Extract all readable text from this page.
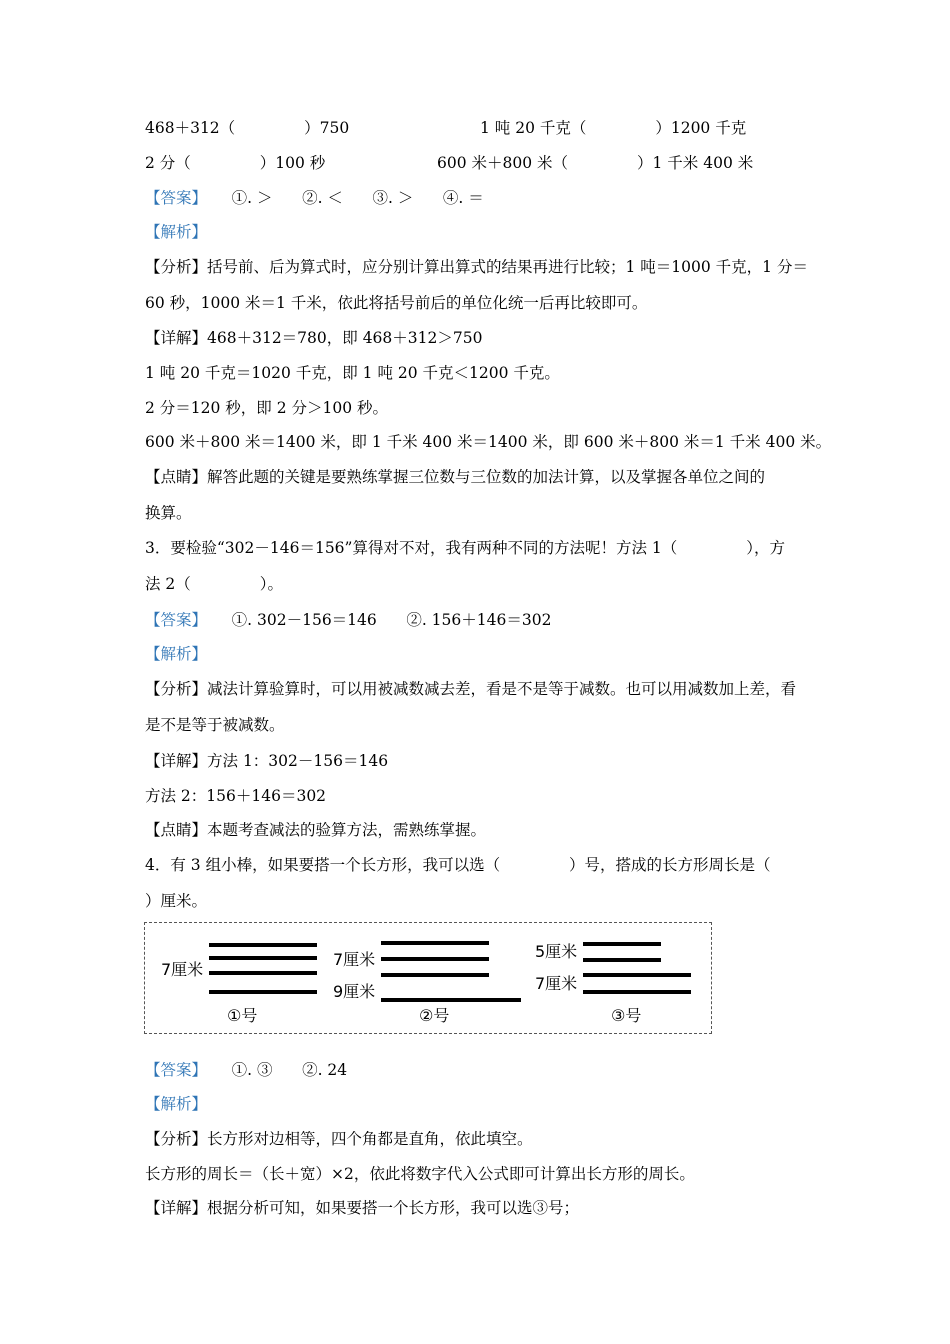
468＋312（              ）750	1 吨 20 千克（              ）1200 千克
2 分（              ）100 秒	600 米＋800 米（              ）1 千米 400 米
【答案】 ①. ＞      ②. ＜      ③. ＞      ④. ＝
【解析】
【分析】括号前、后为算式时，应分别计算出算式的结果再进行比较；1 吨＝1000 千克，1 分＝
60 秒，1000 米＝1 千米，依此将括号前后的单位化统一后再比较即可。
【详解】468＋312＝780，即 468＋312＞750
1 吨 20 千克＝1020 千克，即 1 吨 20 千克＜1200 千克。
2 分＝120 秒，即 2 分＞100 秒。
600 米＋800 米＝1400 米，即 1 千米 400 米＝1400 米，即 600 米＋800 米＝1 千米 400 米。
【点睛】解答此题的关键是要熟练掌握三位数与三位数的加法计算，以及掌握各单位之间的
换算。
3．要检验“302－146＝156”算得对不对，我有两种不同的方法呢！方法 1（              ），方
法 2（              ）。
【答案】 ①. 302－156＝146      ②. 156＋146＝302
【解析】
【分析】减法计算验算时，可以用被减数减去差，看是不是等于减数。也可以用减数加上差，看
是不是等于被减数。
【详解】方法 1：302－156＝146
方法 2：156＋146＝302
【点睛】本题考查减法的验算方法，需熟练掌握。
4．有 3 组小棒，如果要搭一个长方形，我可以选（              ）号，搭成的长方形周长是（
）厘米。
7厘米
①号
7厘米
9厘米
②号
5厘米
7厘米
③号
【答案】 ①. ③      ②. 24
【解析】
【分析】长方形对边相等，四个角都是直角，依此填空。
长方形的周长＝（长＋宽）×2，依此将数字代入公式即可计算出长方形的周长。
【详解】根据分析可知，如果要搭一个长方形，我可以选③号；
